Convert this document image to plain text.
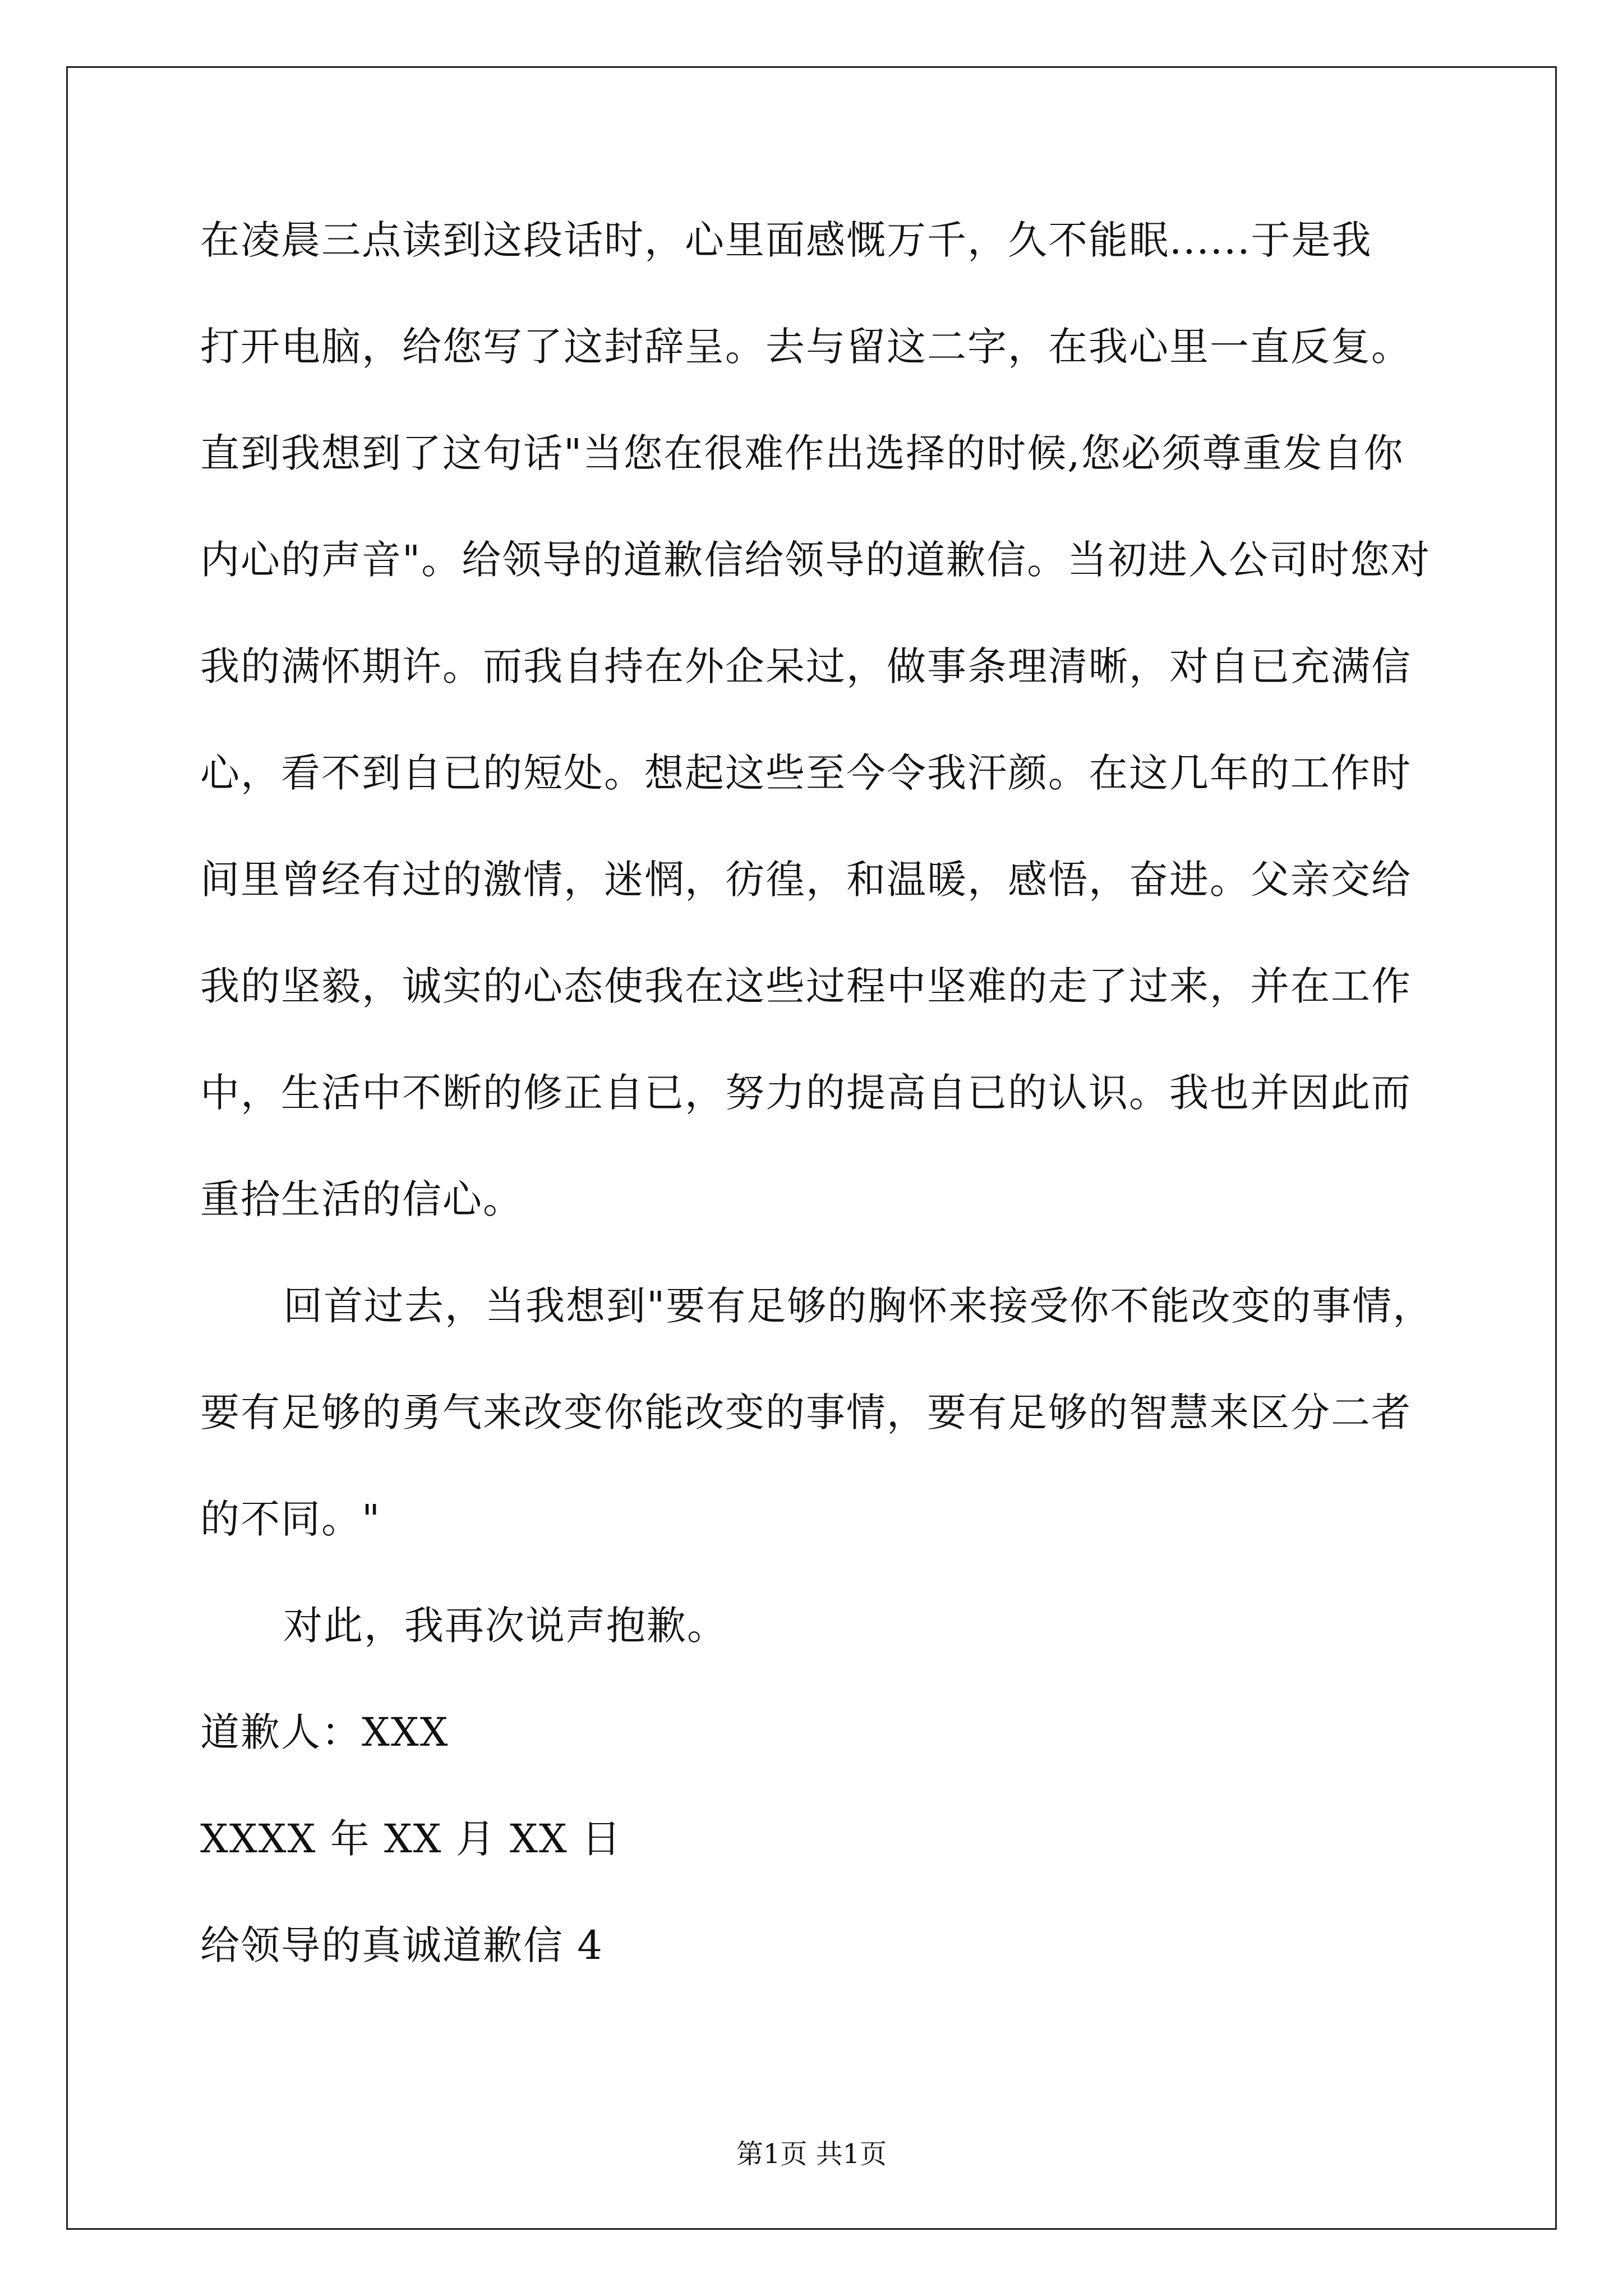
在凌晨三点读到这段话时，心里面感慨万千，久不能眠......于是我
打开电脑，给您写了这封辞呈。去与留这二字，在我心里一直反复。
直到我想到了这句话"当您在很难作出选择的时候,您必须尊重发自你
内心的声音"。给领导的道歉信给领导的道歉信。当初进入公司时您对
我的满怀期许。而我自持在外企呆过，做事条理清晰，对自已充满信
心，看不到自已的短处。想起这些至今令我汗颜。在这几年的工作时
间里曾经有过的激情，迷惘，彷徨，和温暖，感悟，奋进。父亲交给
我的坚毅，诚实的心态使我在这些过程中坚难的走了过来，并在工作
中，生活中不断的修正自已，努力的提高自已的认识。我也并因此而
重拾生活的信心。
回首过去，当我想到"要有足够的胸怀来接受你不能改变的事情，
要有足够的勇气来改变你能改变的事情，要有足够的智慧来区分二者
的不同。"
对此，我再次说声抱歉。
道歉人：XXX
XXXX 年 XX 月 XX 日
给领导的真诚道歉信 4
第1页 共1页
